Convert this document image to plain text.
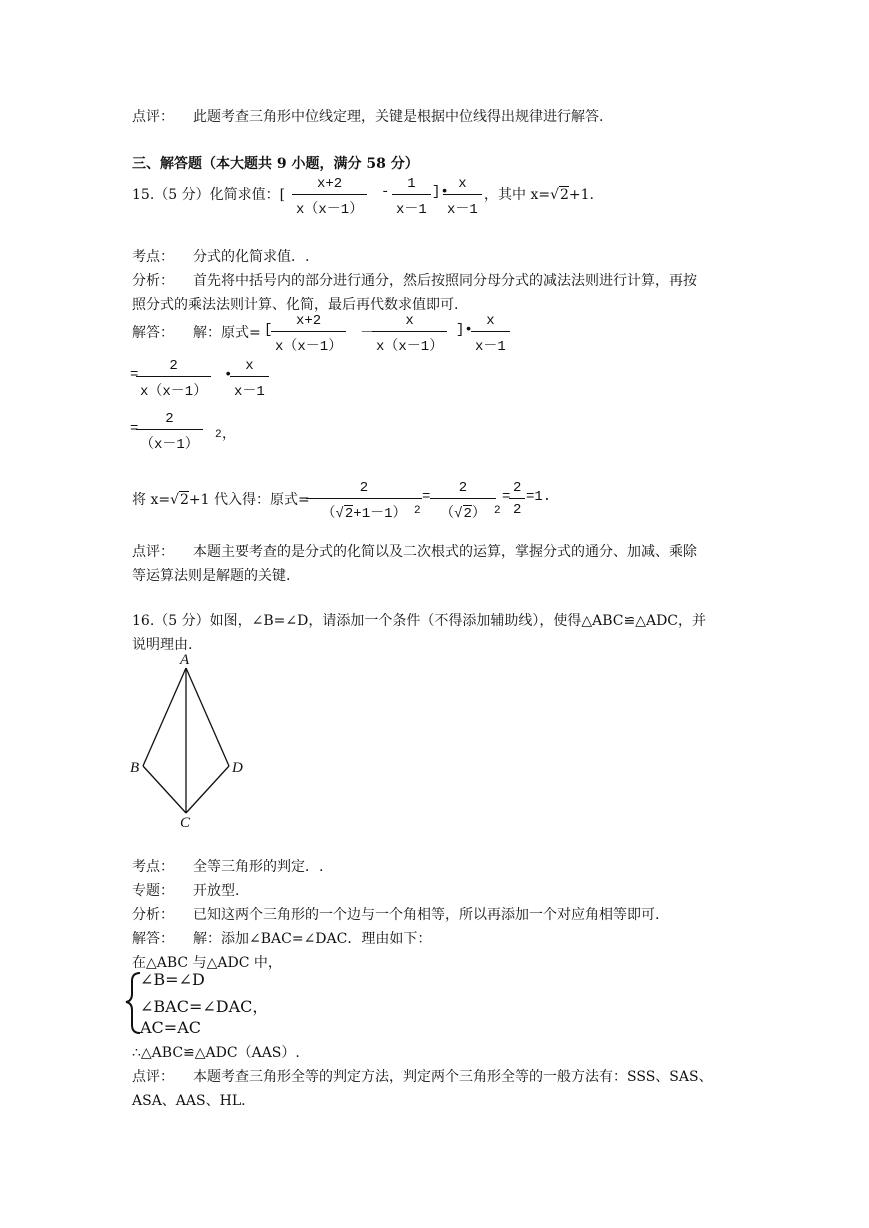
点评： 此题考查三角形中位线定理，关键是根据中位线得出规律进行解答.
三、解答题（本大题共 9 小题，满分 58 分）
15.（5 分）化简求值：[
x+2
x（x－1）
-	1
x－1
]• x
x－1
，其中 x=√2+1.
考点： 分式的化简求值．.
分析： 首先将中括号内的部分进行通分，然后按照同分母分式的减法法则进行计算，再按
照分式的乘法法则计算、化简，最后再代数求值即可.
解答： 解：原式= [
x+2
x（x－1）
－
x
x（x－1）
]•
x
x－1
=
2
x（x－1）
•
x
x－1
=
2
（x－1）
2 ，
将 x=√2+1 代入得：原式=
2
（√2+1－1） 2
=
2
（√2） 2
=
2
2
=1.
点评： 本题主要考查的是分式的化简以及二次根式的运算，掌握分式的通分、加减、乘除
等运算法则是解题的关键.
16.（5 分）如图，∠B=∠D，请添加一个条件（不得添加辅助线），使得△ABC≌△ADC，并
说明理由.
A
B
C
D
考点： 全等三角形的判定．.
专题： 开放型.
分析： 已知这两个三角形的一个边与一个角相等，所以再添加一个对应角相等即可.
解答： 解：添加∠BAC=∠DAC．理由如下：
在△ABC 与△ADC 中，
∠B=∠D
∠BAC=∠DAC，
AC=AC
∴△ABC≌△ADC（AAS）.
点评： 本题考查三角形全等的判定方法，判定两个三角形全等的一般方法有：SSS、SAS、
ASA、AAS、HL.
